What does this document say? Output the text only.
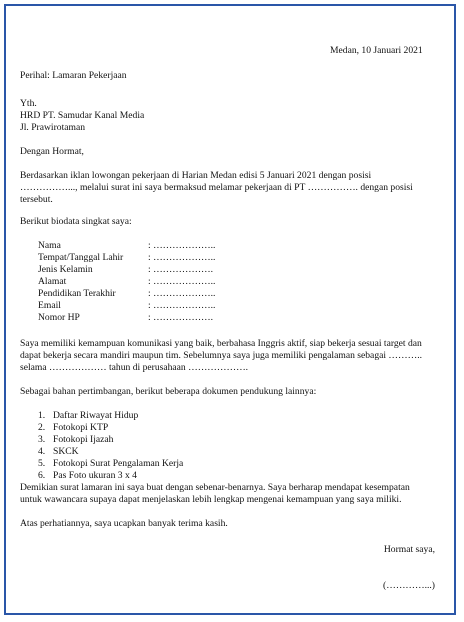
Medan, 10 Januari 2021
Perihal: Lamaran Pekerjaan
Yth.
HRD PT. Samudar Kanal Media
Jl. Prawirotaman
Dengan Hormat,
Berdasarkan iklan lowongan pekerjaan di Harian Medan edisi 5 Januari 2021 dengan posisi
……………..., melalui surat ini saya bermaksud melamar pekerjaan di PT ……………. dengan posisi
tersebut.
Berikut biodata singkat saya:
Nama	: ………………..
Tempat/Tanggal Lahir	: ………………..
Jenis Kelamin	: ……………….
Alamat	: ………………..
Pendidikan Terakhir	: ………………..
Email	: ………………..
Nomor HP	: ……………….
Saya memiliki kemampuan komunikasi yang baik, berbahasa Inggris aktif, siap bekerja sesuai target dan
dapat bekerja secara mandiri maupun tim. Sebelumnya saya juga memiliki pengalaman sebagai ………..
selama ……………… tahun di perusahaan ……………….
Sebagai bahan pertimbangan, berikut beberapa dokumen pendukung lainnya:
1. Daftar Riwayat Hidup
2. Fotokopi KTP
3. Fotokopi Ijazah
4. SKCK
5. Fotokopi Surat Pengalaman Kerja
6. Pas Foto ukuran 3 x 4
Demikian surat lamaran ini saya buat dengan sebenar-benarnya. Saya berharap mendapat kesempatan
untuk wawancara supaya dapat menjelaskan lebih lengkap mengenai kemampuan yang saya miliki.
Atas perhatiannya, saya ucapkan banyak terima kasih.
Hormat saya,
(…………...)
